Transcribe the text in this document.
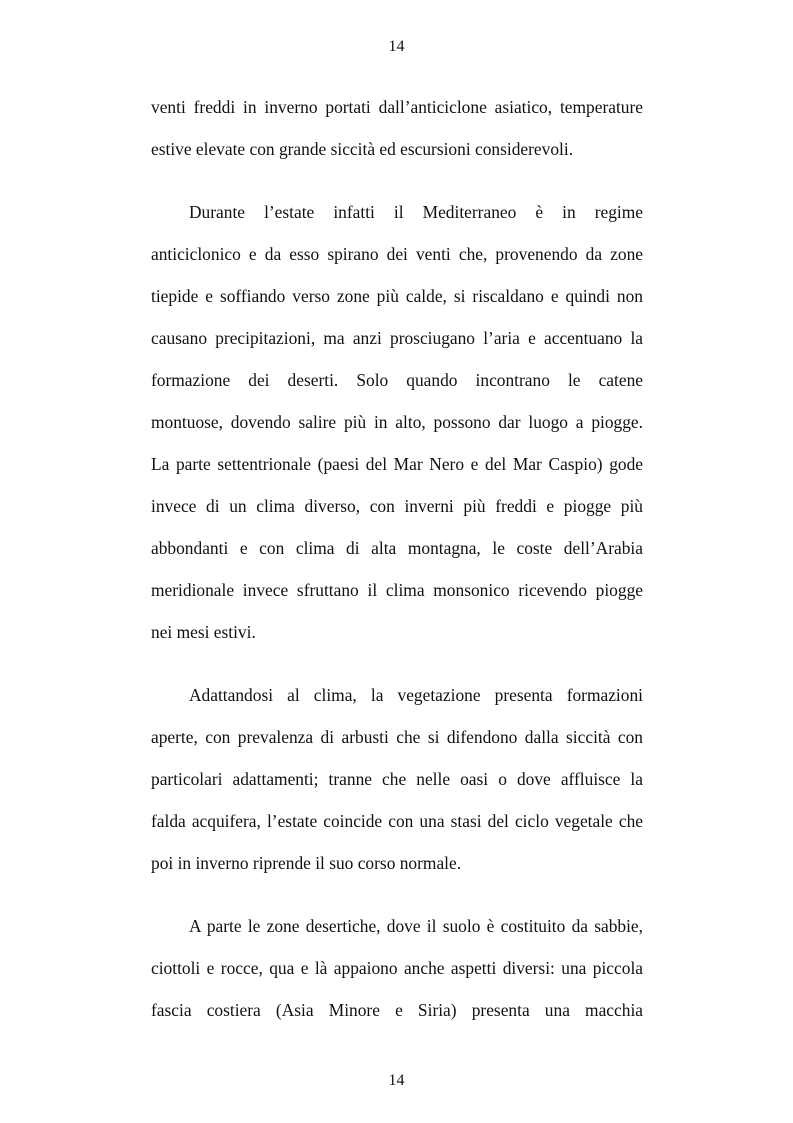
14

venti freddi in inverno portati dall’anticiclone asiatico, temperature
estive elevate con grande siccità ed escursioni considerevoli.

Durante l’estate infatti il Mediterraneo è in regime
anticiclonico e da esso spirano dei venti che, provenendo da zone
tiepide e soffiando verso zone più calde, si riscaldano e quindi non
causano precipitazioni, ma anzi prosciugano l’aria e accentuano la
formazione dei deserti. Solo quando incontrano le catene
montuose, dovendo salire più in alto, possono dar luogo a piogge.
La parte settentrionale (paesi del Mar Nero e del Mar Caspio) gode
invece di un clima diverso, con inverni più freddi e piogge più
abbondanti e con clima di alta montagna, le coste dell’Arabia
meridionale invece sfruttano il clima monsonico ricevendo piogge
nei mesi estivi.

Adattandosi al clima, la vegetazione presenta formazioni
aperte, con prevalenza di arbusti che si difendono dalla siccità con
particolari adattamenti; tranne che nelle oasi o dove affluisce la
falda acquifera, l’estate coincide con una stasi del ciclo vegetale che
poi in inverno riprende il suo corso normale.

A parte le zone desertiche, dove il suolo è costituito da sabbie,
ciottoli e rocce, qua e là appaiono anche aspetti diversi: una piccola
fascia costiera (Asia Minore e Siria) presenta una macchia

14
